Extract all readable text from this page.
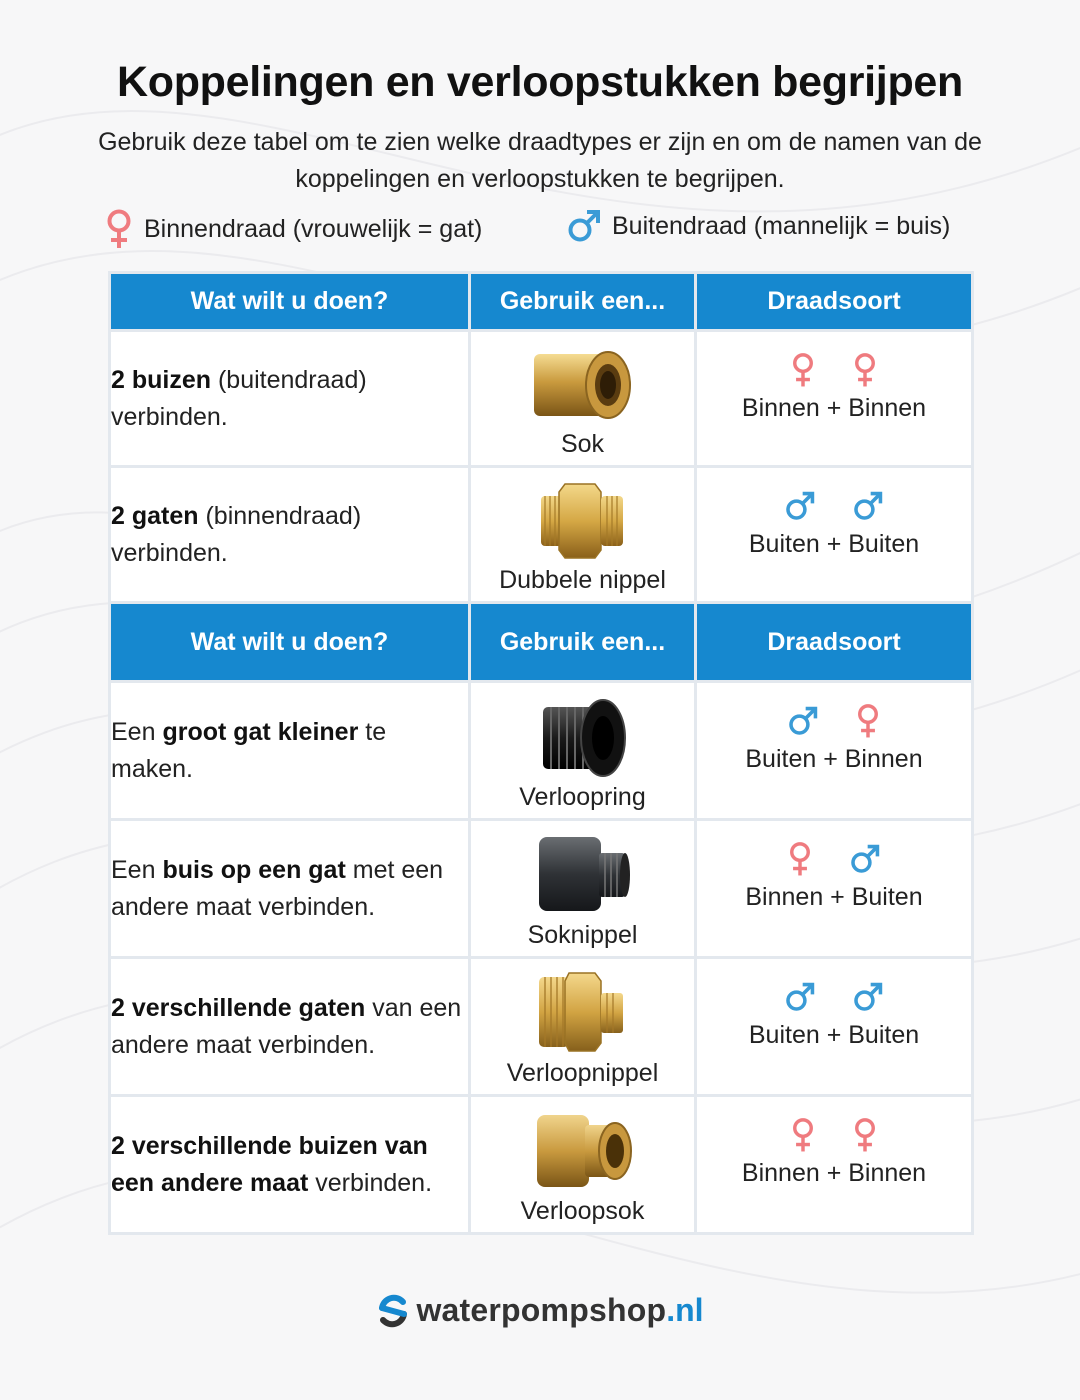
Koppelingen en verloopstukken begrijpen
Gebruik deze tabel om te zien welke draadtypes er zijn en om de namen van de koppelingen en verloopstukken te begrijpen.
Binnendraad (vrouwelijk = gat)	Buitendraad (mannelijk = buis)
Wat wilt u doen?	Gebruik een...	Draadsoort
2 buizen (buitendraad) verbinden.	Sok	Binnen + Binnen

2 gaten (binnendraad) verbinden.	Dubbele nippel	Buiten + Buiten

Wat wilt u doen?	Gebruik een...	Draadsoort
Een groot gat kleiner te maken.	Verloopring	Buiten + Binnen

Een buis op een gat met een andere maat verbinden.	Soknippel	Binnen + Buiten

2 verschillende gaten van een andere maat verbinden.	Verloopnippel	Buiten + Buiten

2 verschillende buizen van een andere maat verbinden.	Verloopsok	Binnen + Binnen
waterpompshop .nl
